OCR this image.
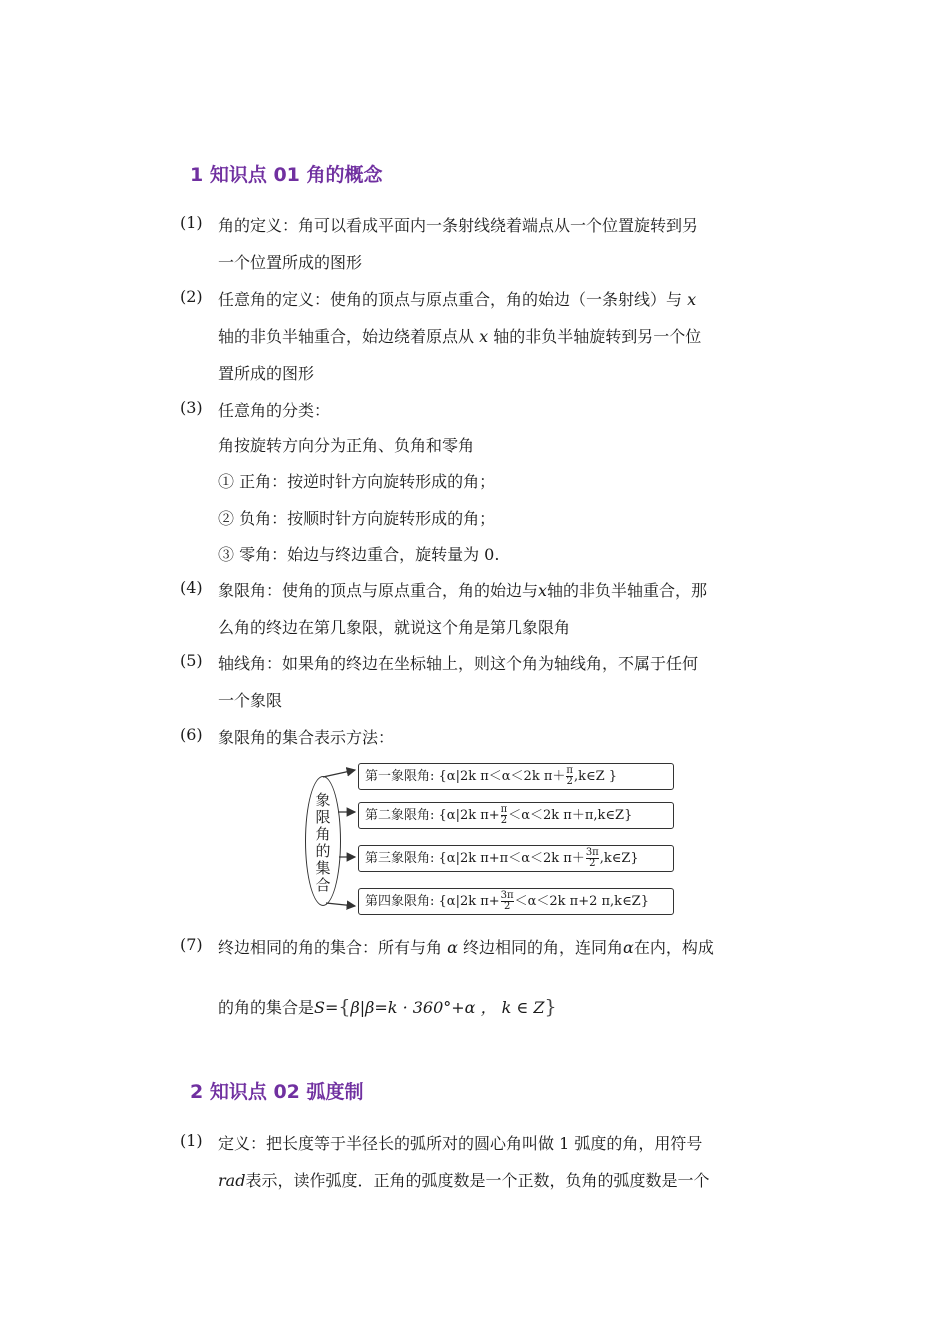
1 知识点 01 角的概念
(1) 角的定义：角可以看成平面内一条射线绕着端点从一个位置旋转到另
一个位置所成的图形
(2) 任意角的定义：使角的顶点与原点重合，角的始边（一条射线）与 x
轴的非负半轴重合，始边绕着原点从 x 轴的非负半轴旋转到另一个位
置所成的图形
(3) 任意角的分类：
角按旋转方向分为正角、负角和零角
① 正角：按逆时针方向旋转形成的角；
② 负角：按顺时针方向旋转形成的角；
③ 零角：始边与终边重合，旋转量为 0.
(4) 象限角：使角的顶点与原点重合，角的始边与x轴的非负半轴重合，那
么角的终边在第几象限，就说这个角是第几象限角
(5) 轴线角：如果角的终边在坐标轴上，则这个角为轴线角，不属于任何
一个象限
(6) 象限角的集合表示方法：
象限角的集合
第一象限角: {α|2k π＜α＜2k $\pi+ \frac{\pi}{2}$ ,k∈Z }
第二象限角: {α|2k $\pi+ \frac{\pi}{2} <\alpha<2k$ π＋π,k∈Z}
第三象限角: {α|2k π+π＜α＜2k $\pi+ \frac{3\pi}{2}$ ,k∈Z}
第四象限角: {α|2k $\pi+ \frac{3\pi}{2} <\alpha<2k$ π+2 π,k∈Z}
(7) 终边相同的角的集合：所有与角 α 终边相同的角，连同角α在内，构成
的角的集合是S={β|β=k · 360°+α ， k ∈ Z}
2 知识点 02 弧度制
(1) 定义：把长度等于半径长的弧所对的圆心角叫做 1 弧度的角，用符号
rad表示，读作弧度．正角的弧度数是一个正数，负角的弧度数是一个
